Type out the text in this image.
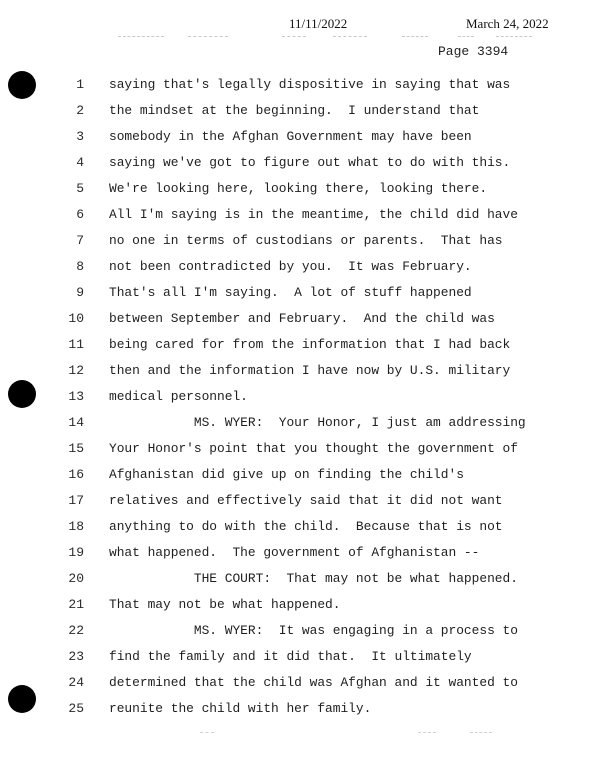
11/11/2022	March 24, 2022
Page 3394
1 saying that's legally dispositive in saying that was
2 the mindset at the beginning.  I understand that
3 somebody in the Afghan Government may have been
4 saying we've got to figure out what to do with this.
5 We're looking here, looking there, looking there.
6 All I'm saying is in the meantime, the child did have
7 no one in terms of custodians or parents.  That has
8 not been contradicted by you.  It was February.
9 That's all I'm saying.  A lot of stuff happened
10 between September and February.  And the child was
11 being cared for from the information that I had back
12 then and the information I have now by U.S. military
13 medical personnel.
14 MS. WYER:  Your Honor, I just am addressing
15 Your Honor's point that you thought the government of
16 Afghanistan did give up on finding the child's
17 relatives and effectively said that it did not want
18 anything to do with the child.  Because that is not
19 what happened.  The government of Afghanistan --
20 THE COURT:  That may not be what happened.
21 That may not be what happened.
22 MS. WYER:  It was engaging in a process to
23 find the family and it did that.  It ultimately
24 determined that the child was Afghan and it wanted to
25 reunite the child with her family.
